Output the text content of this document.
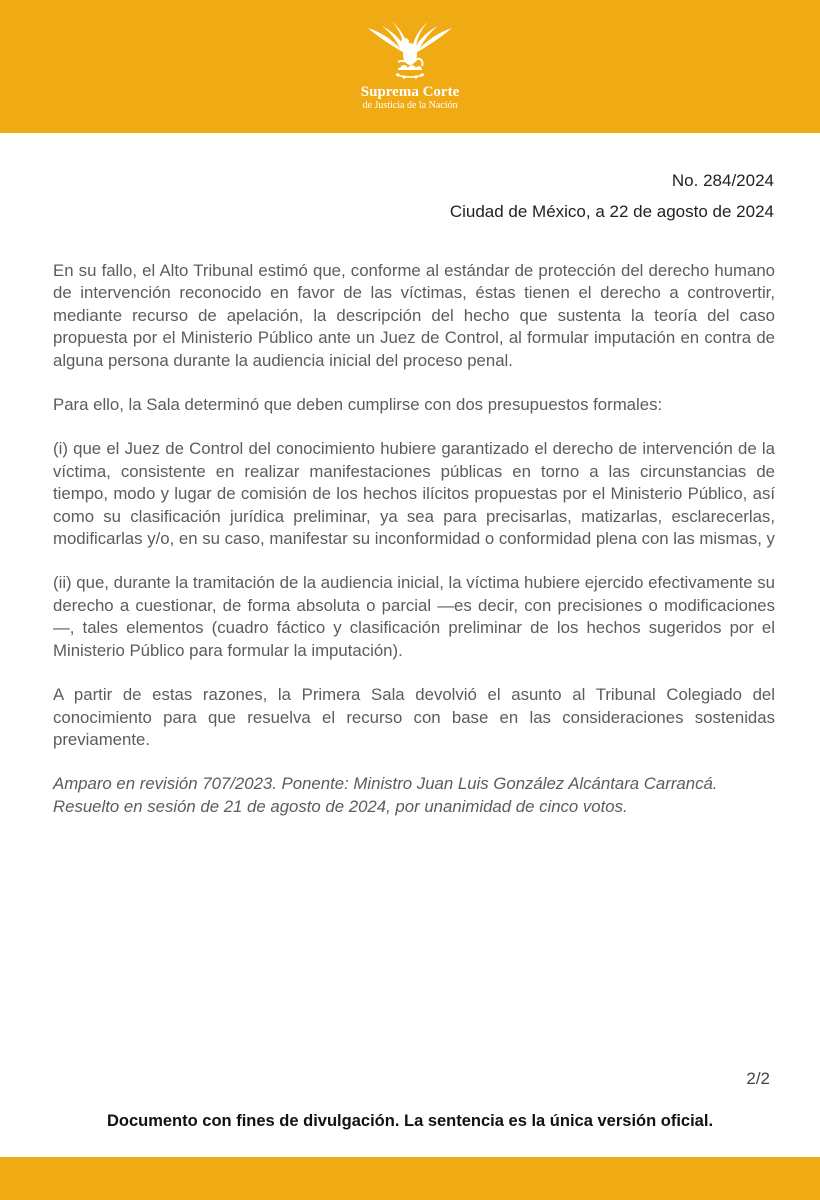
Suprema Corte
de Justicia de la Nación
No. 284/2024
Ciudad de México, a 22 de agosto de 2024

En su fallo, el Alto Tribunal estimó que, conforme al estándar de protección del derecho humano de intervención reconocido en favor de las víctimas, éstas tienen el derecho a controvertir, mediante recurso de apelación, la descripción del hecho que sustenta la teoría del caso propuesta por el Ministerio Público ante un Juez de Control, al formular imputación en contra de alguna persona durante la audiencia inicial del proceso penal.

Para ello, la Sala determinó que deben cumplirse con dos presupuestos formales:

(i) que el Juez de Control del conocimiento hubiere garantizado el derecho de intervención de la víctima, consistente en realizar manifestaciones públicas en torno a las circunstancias de tiempo, modo y lugar de comisión de los hechos ilícitos propuestas por el Ministerio Público, así como su clasificación jurídica preliminar, ya sea para precisarlas, matizarlas, esclarecerlas, modificarlas y/o, en su caso, manifestar su inconformidad o conformidad plena con las mismas, y

(ii) que, durante la tramitación de la audiencia inicial, la víctima hubiere ejercido efectivamente su derecho a cuestionar, de forma absoluta o parcial —es decir, con precisiones o modificaciones—, tales elementos (cuadro fáctico y clasificación preliminar de los hechos sugeridos por el Ministerio Público para formular la imputación).

A partir de estas razones, la Primera Sala devolvió el asunto al Tribunal Colegiado del conocimiento para que resuelva el recurso con base en las consideraciones sostenidas previamente.

Amparo en revisión 707/2023. Ponente: Ministro Juan Luis González Alcántara Carrancá.
Resuelto en sesión de 21 de agosto de 2024, por unanimidad de cinco votos.

2/2
Documento con fines de divulgación. La sentencia es la única versión oficial.
